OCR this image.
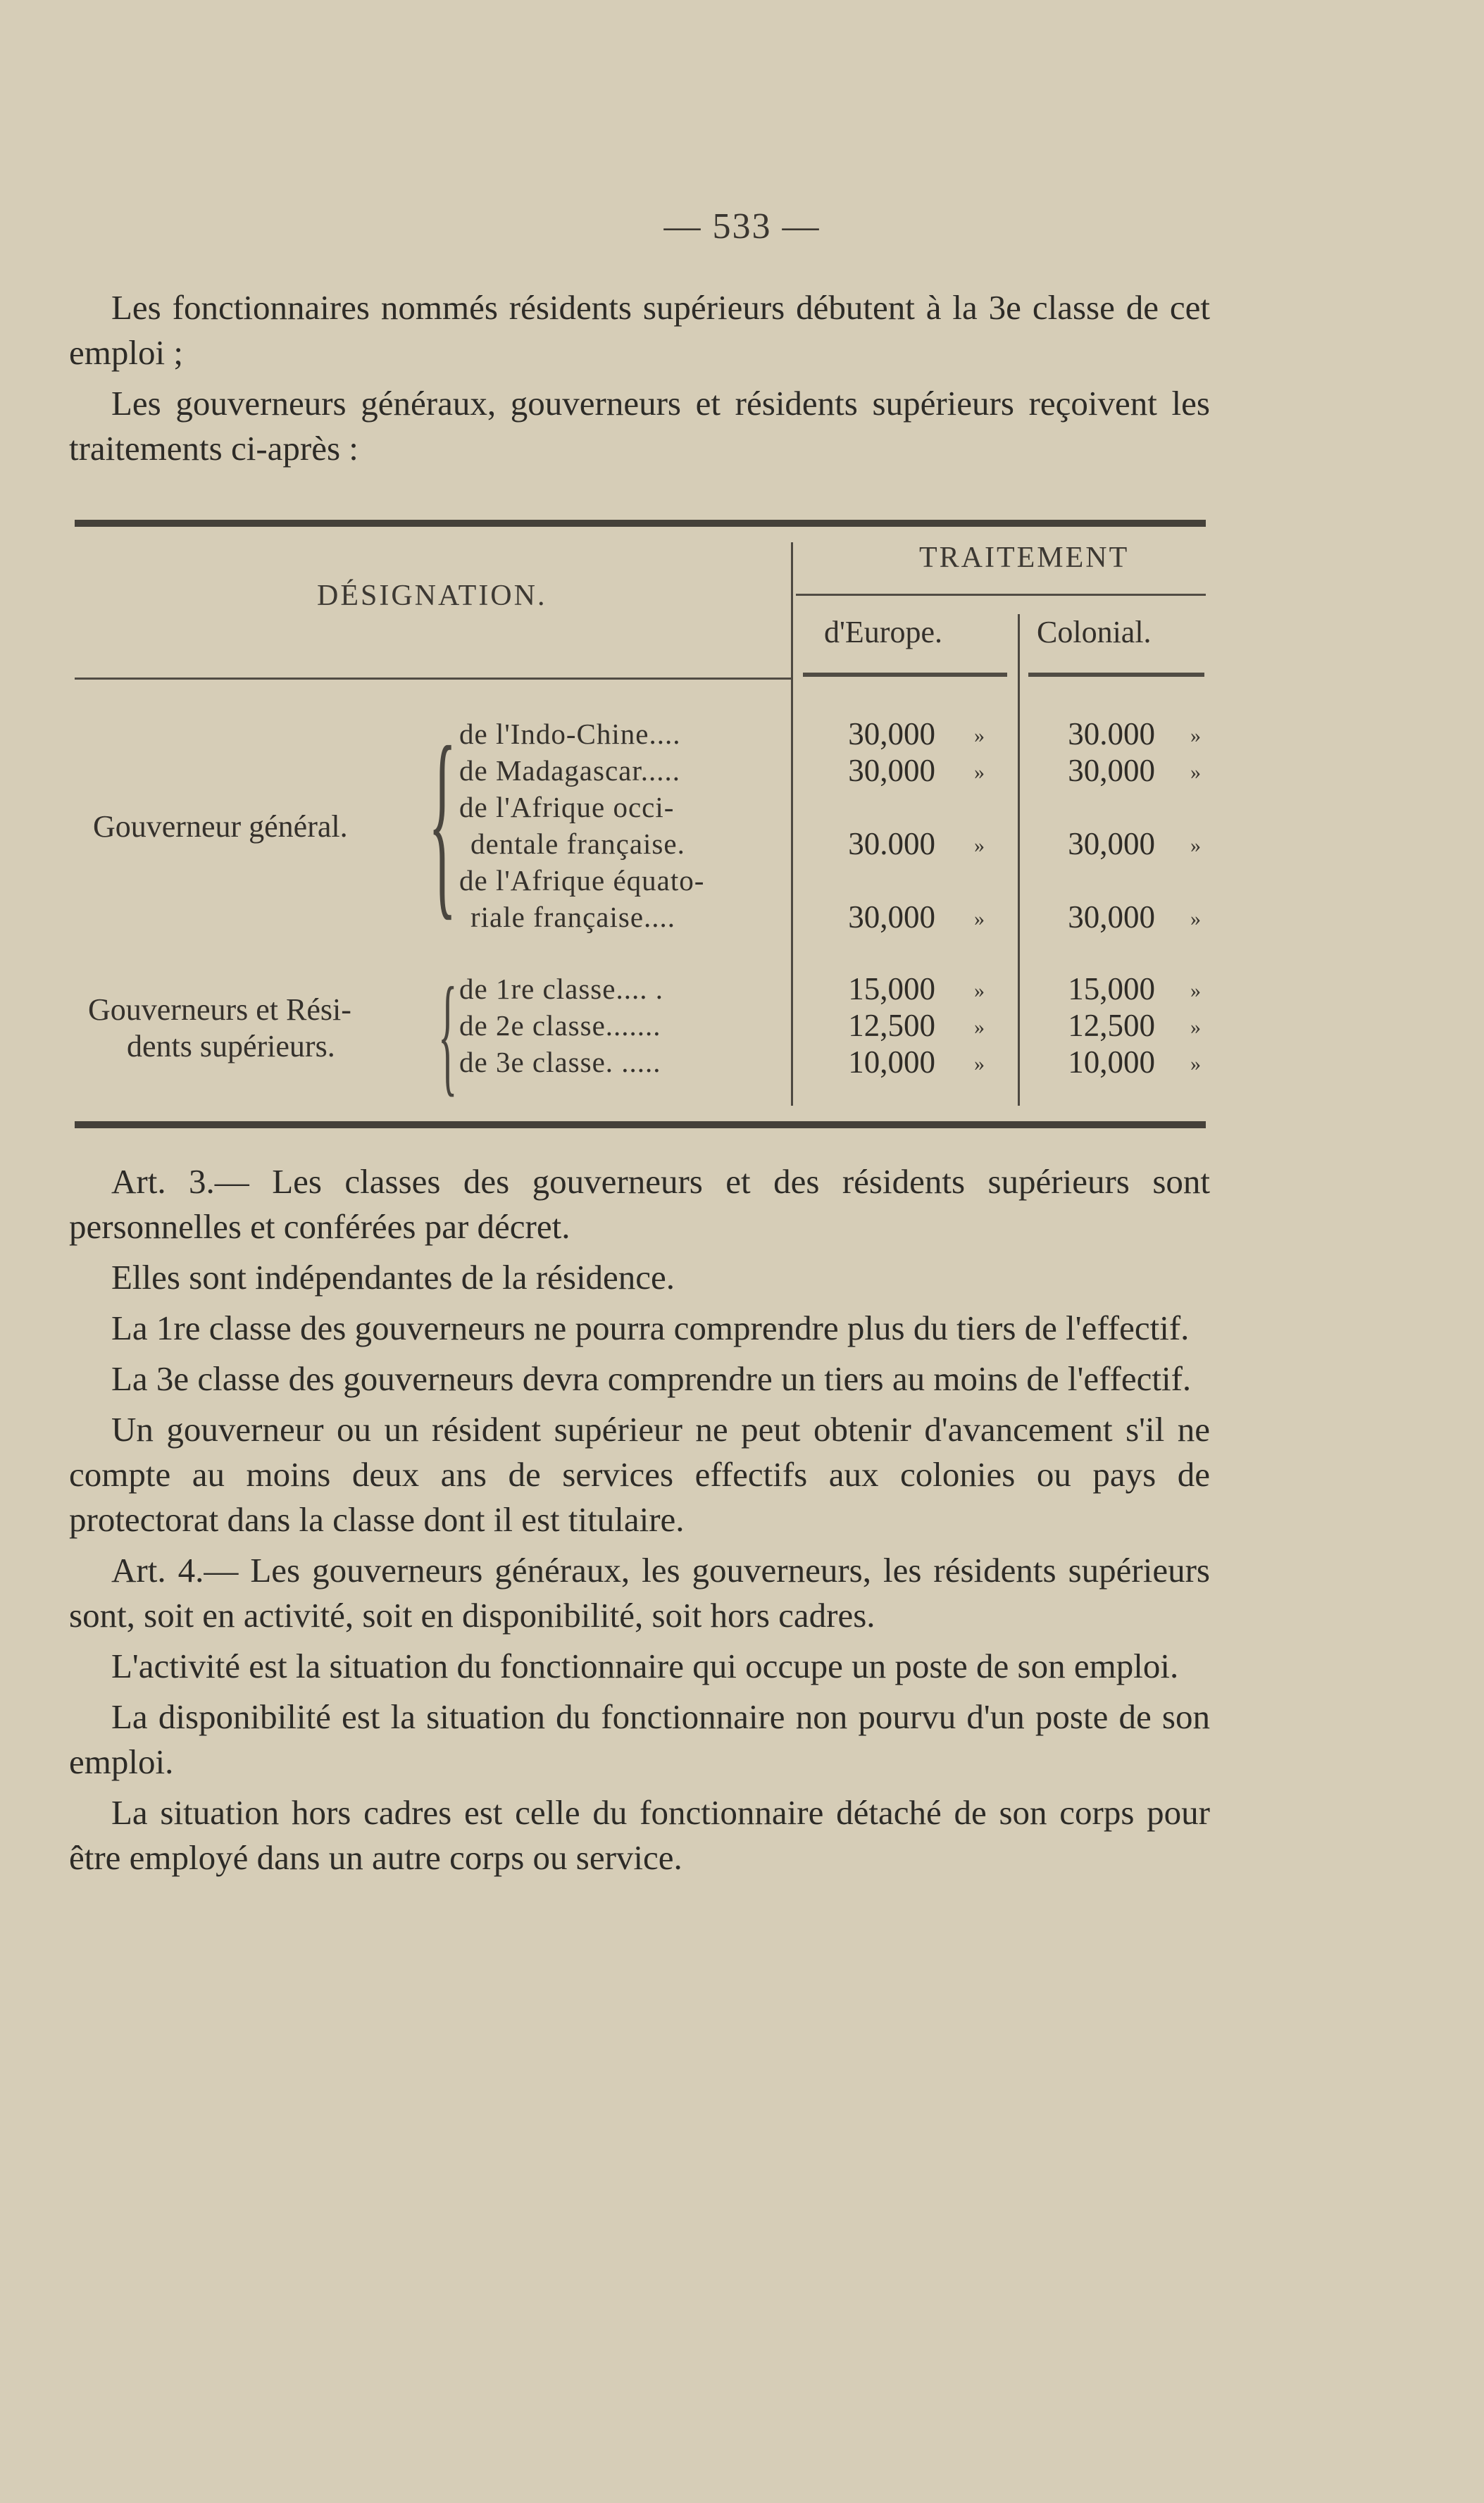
— 533 —

Les fonctionnaires nommés résidents supérieurs débutent à la 3e classe de cet emploi ;

Les gouverneurs généraux, gouverneurs et résidents supérieurs reçoivent les traitements ci-après :

DÉSIGNATION.
TRAITEMENT
d'Europe.	Colonial.
Gouverneur général. { de l'Indo-Chine....	30,000 »	30.000 »
de Madagascar.....	30,000 »	30,000 »
de l'Afrique occi-
dentale française.	30.000 »	30,000 »
de l'Afrique équato-
riale française....	30,000 »	30,000 »
Gouverneurs et Rési-
dents supérieurs. { de 1re classe.... .	15,000 »	15,000 »
de 2e classe.......	12,500 »	12,500 »
de 3e classe. .....	10,000 »	10,000 »

Art. 3.— Les classes des gouverneurs et des résidents supérieurs sont personnelles et conférées par décret.

Elles sont indépendantes de la résidence.

La 1re classe des gouverneurs ne pourra comprendre plus du tiers de l'effectif.

La 3e classe des gouverneurs devra comprendre un tiers au moins de l'effectif.

Un gouverneur ou un résident supérieur ne peut obtenir d'avancement s'il ne compte au moins deux ans de services effectifs aux colonies ou pays de protectorat dans la classe dont il est titulaire.

Art. 4.— Les gouverneurs généraux, les gouverneurs, les résidents supérieurs sont, soit en activité, soit en disponibilité, soit hors cadres.

L'activité est la situation du fonctionnaire qui occupe un poste de son emploi.

La disponibilité est la situation du fonctionnaire non pourvu d'un poste de son emploi.

La situation hors cadres est celle du fonctionnaire détaché de son corps pour être employé dans un autre corps ou service.
